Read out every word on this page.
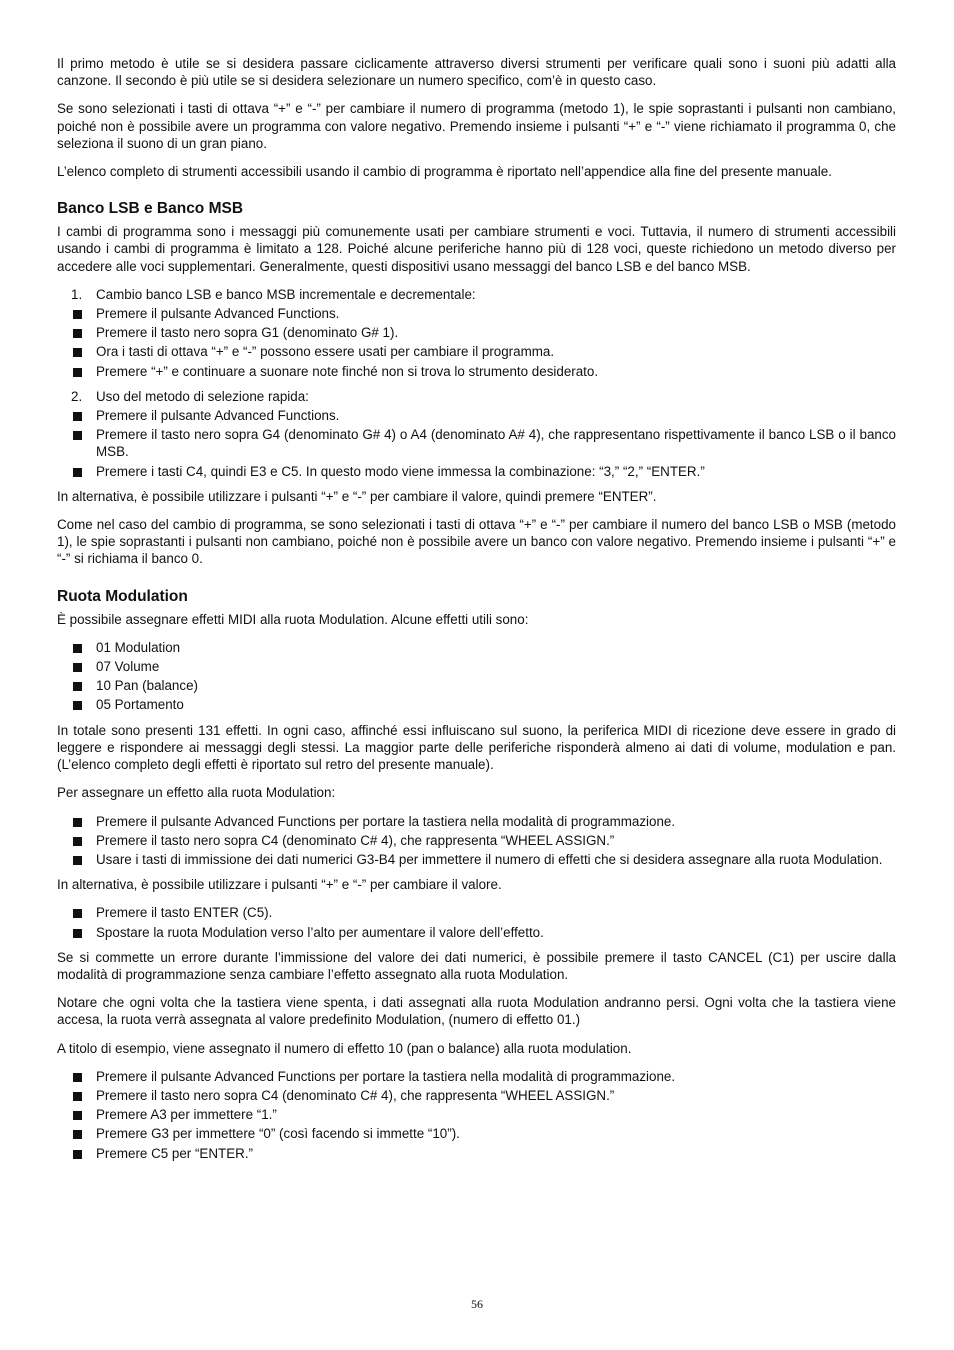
Il primo metodo è utile se si desidera passare ciclicamente attraverso diversi strumenti per verificare quali sono i suoni più adatti alla canzone. Il secondo è più utile se si desidera selezionare un numero specifico, com’è in questo caso.

Se sono selezionati i tasti di ottava “+” e “-” per cambiare il numero di programma (metodo 1), le spie soprastanti i pulsanti non cambiano, poiché non è possibile avere un programma con valore negativo. Premendo insieme i pulsanti “+” e “-” viene richiamato il programma 0, che seleziona il suono di un gran piano.

L’elenco completo di strumenti accessibili usando il cambio di programma è riportato nell’appendice alla fine del presente manuale.

Banco LSB e Banco MSB

I cambi di programma sono i messaggi più comunemente usati per cambiare strumenti e voci. Tuttavia, il numero di strumenti accessibili usando i cambi di programma è limitato a 128. Poiché alcune periferiche hanno più di 128 voci, queste richiedono un metodo diverso per accedere alle voci supplementari. Generalmente, questi dispositivi usano messaggi del banco LSB e del banco MSB.

1. Cambio banco LSB e banco MSB incrementale e decrementale:
Premere il pulsante Advanced Functions.
Premere il tasto nero sopra G1 (denominato G# 1).
Ora i tasti di ottava “+” e “-” possono essere usati per cambiare il programma.
Premere “+” e continuare a suonare note finché non si trova lo strumento desiderato.
2. Uso del metodo di selezione rapida:
Premere il pulsante Advanced Functions.
Premere il tasto nero sopra G4 (denominato G# 4) o A4 (denominato A# 4), che rappresentano rispettivamente il banco LSB o il banco MSB.
Premere i tasti C4, quindi E3 e C5. In questo modo viene immessa la combinazione: “3,” “2,” “ENTER.”

In alternativa, è possibile utilizzare i pulsanti “+” e “-” per cambiare il valore, quindi premere “ENTER”.

Come nel caso del cambio di programma, se sono selezionati i tasti di ottava “+” e “-” per cambiare il numero del banco LSB o MSB (metodo 1), le spie soprastanti i pulsanti non cambiano, poiché non è possibile avere un banco con valore negativo. Premendo insieme i pulsanti “+” e “-” si richiama il banco 0.

Ruota Modulation

È possibile assegnare effetti MIDI alla ruota Modulation. Alcune effetti utili sono:

01 Modulation
07 Volume
10 Pan (balance)
05 Portamento

In totale sono presenti 131 effetti. In ogni caso, affinché essi influiscano sul suono, la periferica MIDI di ricezione deve essere in grado di leggere e rispondere ai messaggi degli stessi. La maggior parte delle periferiche risponderà almeno ai dati di volume, modulation e pan. (L’elenco completo degli effetti è riportato sul retro del presente manuale).

Per assegnare un effetto alla ruota Modulation:

Premere il pulsante Advanced Functions per portare la tastiera nella modalità di programmazione.
Premere il tasto nero sopra C4 (denominato C# 4), che rappresenta “WHEEL ASSIGN.”
Usare i tasti di immissione dei dati numerici G3-B4 per immettere il numero di effetti che si desidera assegnare alla ruota Modulation.

In alternativa, è possibile utilizzare i pulsanti “+” e “-” per cambiare il valore.

Premere il tasto ENTER (C5).
Spostare la ruota Modulation verso l’alto per aumentare il valore dell’effetto.

Se si commette un errore durante l’immissione del valore dei dati numerici, è possibile premere il tasto CANCEL (C1) per uscire dalla modalità di programmazione senza cambiare l’effetto assegnato alla ruota Modulation.

Notare che ogni volta che la tastiera viene spenta, i dati assegnati alla ruota Modulation andranno persi. Ogni volta che la tastiera viene accesa, la ruota verrà assegnata al valore predefinito Modulation, (numero di effetto 01.)

A titolo di esempio, viene assegnato il numero di effetto 10 (pan o balance) alla ruota modulation.

Premere il pulsante Advanced Functions per portare la tastiera nella modalità di programmazione.
Premere il tasto nero sopra C4 (denominato C# 4), che rappresenta “WHEEL ASSIGN.”
Premere A3 per immettere “1.”
Premere G3 per immettere “0” (così facendo si immette “10”).
Premere C5 per “ENTER.”
56
